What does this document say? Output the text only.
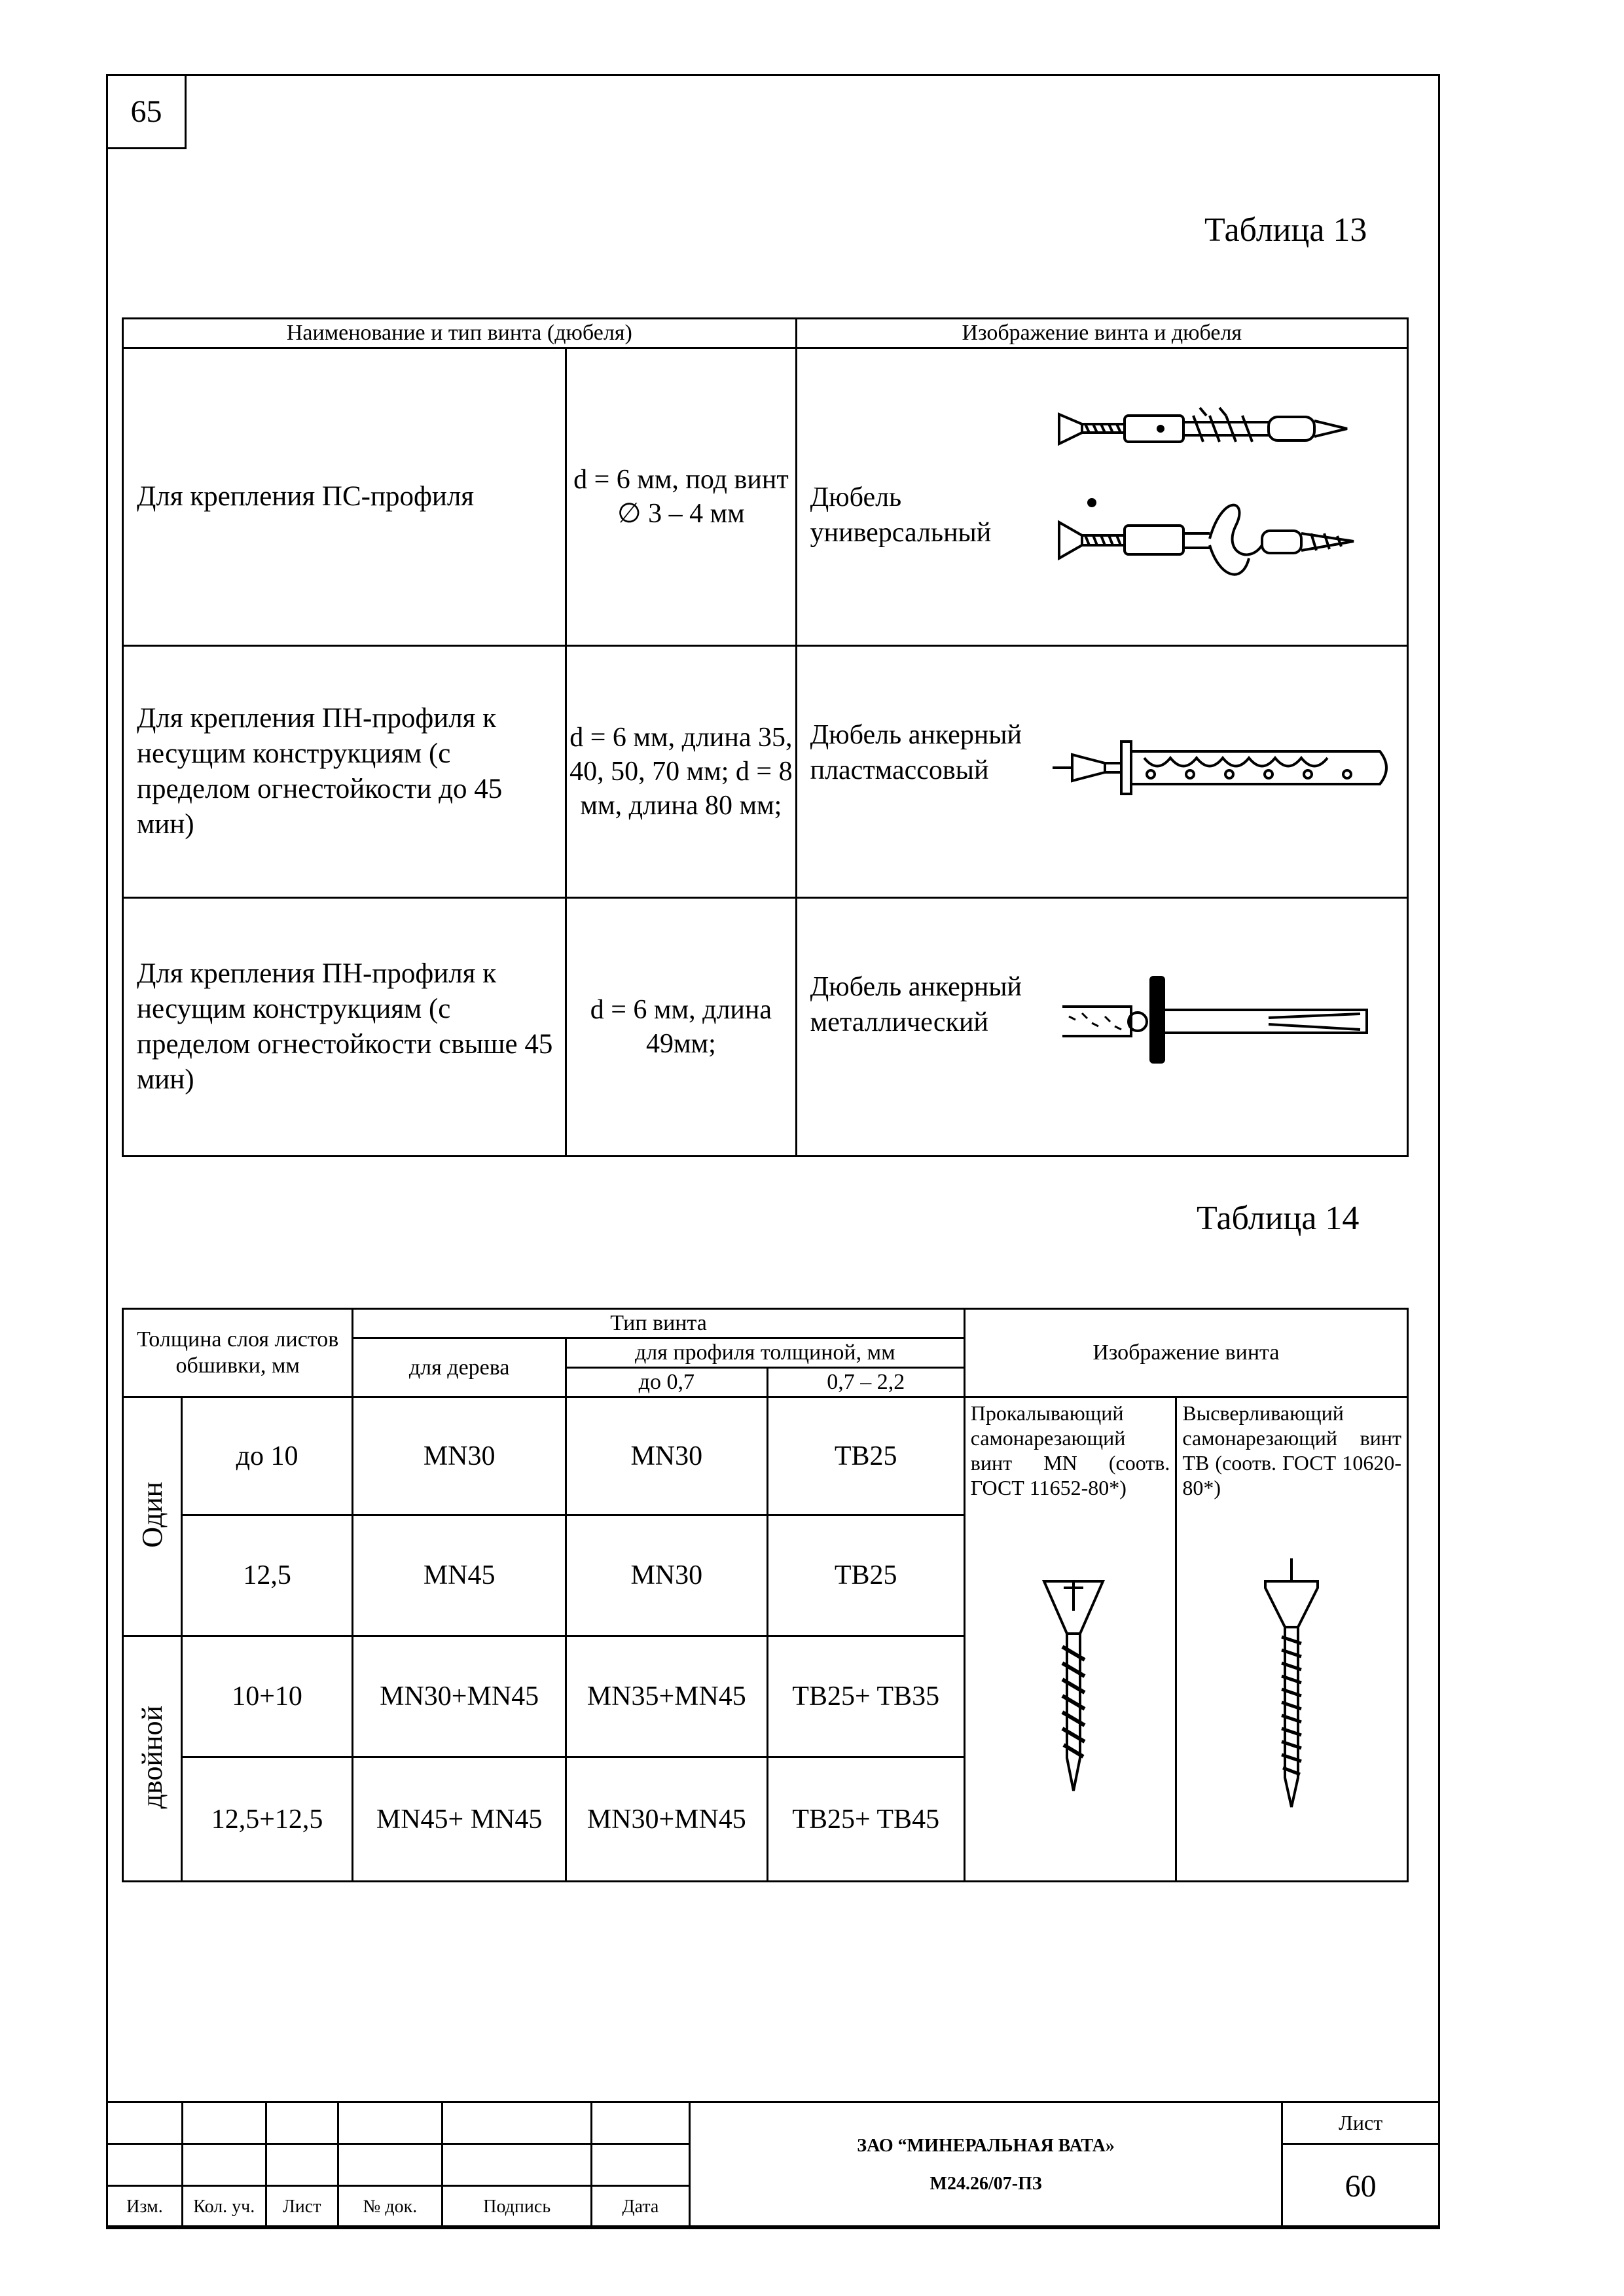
65
Таблица 13
Наименование и тип винта (дюбеля)		Изображение винта и дюбеля
Для крепления ПС-профиля	d = 6 мм, под винт ∅ 3 – 4 мм	Дюбель универсальный

Для крепления ПН-профиля к несущим конструкциям (с пределом огнестойкости до 45 мин)	d = 6 мм, длина 35, 40, 50, 70 мм; d = 8 мм, длина 80 мм;	Дюбель анкерный пластмассовый

Для крепления ПН-профиля к несущим конструкциям (с пределом огнестойкости свыше 45 мин)	d = 6 мм, длина 49мм;	Дюбель анкерный металлический
Таблица 14
Толщина слоя листов обшивки, мм		Тип винта			Изображение винта	
		для дерева	для профиля толщиной, мм			
			до 0,7	0,7 – 2,2		
Один	до 10	MN30	MN30	TB25	Прокалывающий самонарезающий винт MN (соотв. ГОСТ 11652-80*)	Высверливающий самонарезающий винт TB (соотв. ГОСТ 10620-80*)

	12,5	MN45	MN30	TB25		
двойной	10+10	MN30+MN45	MN35+MN45	TB25+ TB35		
	12,5+12,5	MN45+ MN45	MN30+MN45	TB25+ TB45		

						ЗАО “МИНЕРАЛЬНАЯ ВАТА»
М24.26/07-ПЗ	Лист
							60
Изм.	Кол. уч.	Лист	№ док.	Подпись	Дата		
